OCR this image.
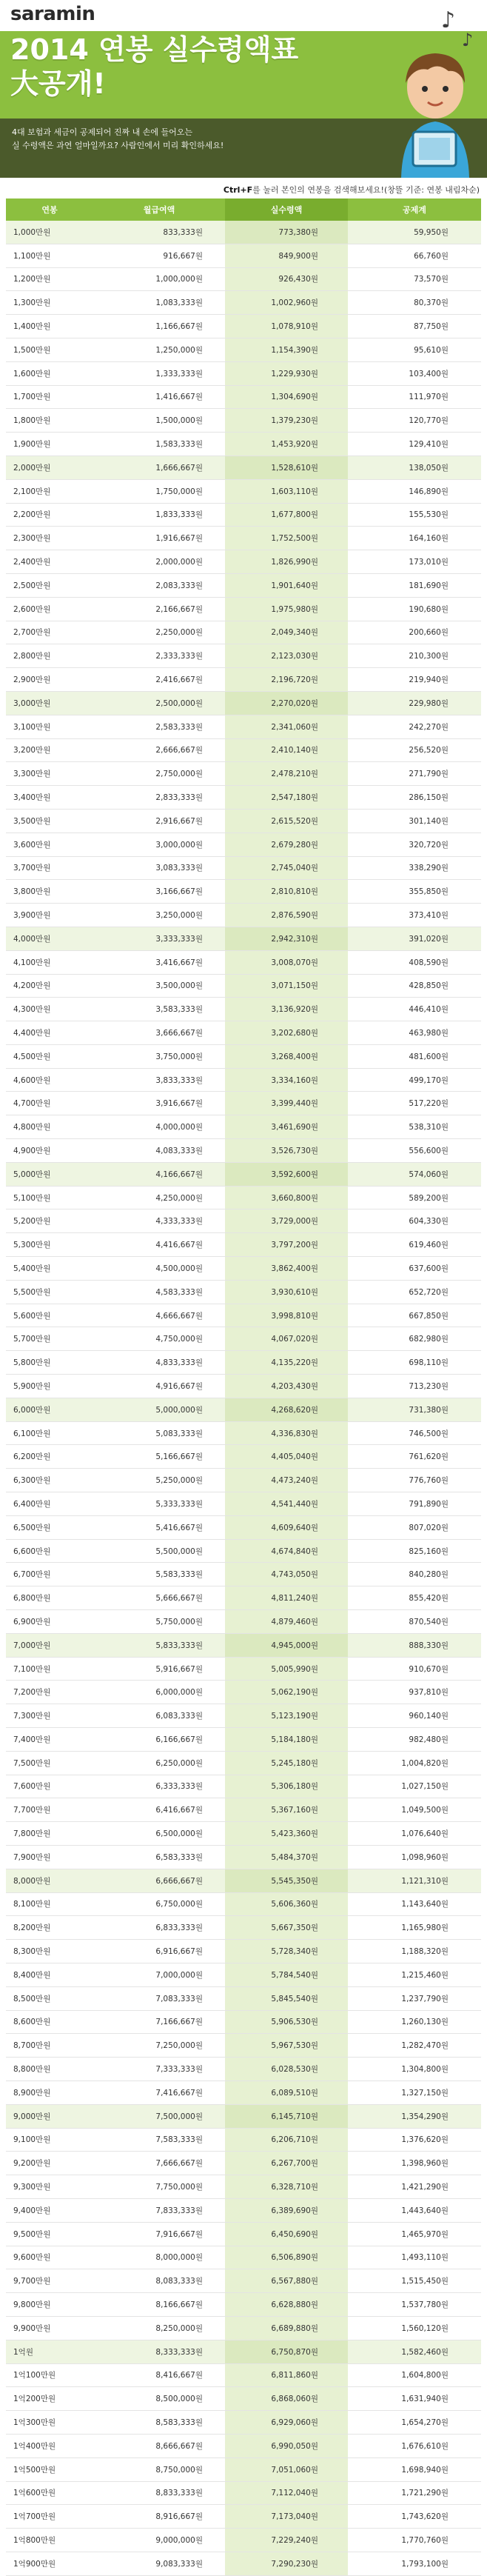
saramin	♪
♪
2014 연봉 실수령액표
大공개!
4대 보험과 세금이 공제되어 진짜 내 손에 들어오는
실 수령액은 과연 얼마일까요? 사람인에서 미리 확인하세요!
Ctrl+F를 눌러 본인의 연봉을 검색해보세요!(창뜰 기준: 연봉 내림차순)
연봉	월급여액	실수령액	공제계
1,000만원	833,333원	773,380원	59,950원
1,100만원	916,667원	849,900원	66,760원
1,200만원	1,000,000원	926,430원	73,570원
1,300만원	1,083,333원	1,002,960원	80,370원
1,400만원	1,166,667원	1,078,910원	87,750원
1,500만원	1,250,000원	1,154,390원	95,610원
1,600만원	1,333,333원	1,229,930원	103,400원
1,700만원	1,416,667원	1,304,690원	111,970원
1,800만원	1,500,000원	1,379,230원	120,770원
1,900만원	1,583,333원	1,453,920원	129,410원
2,000만원	1,666,667원	1,528,610원	138,050원
2,100만원	1,750,000원	1,603,110원	146,890원
2,200만원	1,833,333원	1,677,800원	155,530원
2,300만원	1,916,667원	1,752,500원	164,160원
2,400만원	2,000,000원	1,826,990원	173,010원
2,500만원	2,083,333원	1,901,640원	181,690원
2,600만원	2,166,667원	1,975,980원	190,680원
2,700만원	2,250,000원	2,049,340원	200,660원
2,800만원	2,333,333원	2,123,030원	210,300원
2,900만원	2,416,667원	2,196,720원	219,940원
3,000만원	2,500,000원	2,270,020원	229,980원
3,100만원	2,583,333원	2,341,060원	242,270원
3,200만원	2,666,667원	2,410,140원	256,520원
3,300만원	2,750,000원	2,478,210원	271,790원
3,400만원	2,833,333원	2,547,180원	286,150원
3,500만원	2,916,667원	2,615,520원	301,140원
3,600만원	3,000,000원	2,679,280원	320,720원
3,700만원	3,083,333원	2,745,040원	338,290원
3,800만원	3,166,667원	2,810,810원	355,850원
3,900만원	3,250,000원	2,876,590원	373,410원
4,000만원	3,333,333원	2,942,310원	391,020원
4,100만원	3,416,667원	3,008,070원	408,590원
4,200만원	3,500,000원	3,071,150원	428,850원
4,300만원	3,583,333원	3,136,920원	446,410원
4,400만원	3,666,667원	3,202,680원	463,980원
4,500만원	3,750,000원	3,268,400원	481,600원
4,600만원	3,833,333원	3,334,160원	499,170원
4,700만원	3,916,667원	3,399,440원	517,220원
4,800만원	4,000,000원	3,461,690원	538,310원
4,900만원	4,083,333원	3,526,730원	556,600원
5,000만원	4,166,667원	3,592,600원	574,060원
5,100만원	4,250,000원	3,660,800원	589,200원
5,200만원	4,333,333원	3,729,000원	604,330원
5,300만원	4,416,667원	3,797,200원	619,460원
5,400만원	4,500,000원	3,862,400원	637,600원
5,500만원	4,583,333원	3,930,610원	652,720원
5,600만원	4,666,667원	3,998,810원	667,850원
5,700만원	4,750,000원	4,067,020원	682,980원
5,800만원	4,833,333원	4,135,220원	698,110원
5,900만원	4,916,667원	4,203,430원	713,230원
6,000만원	5,000,000원	4,268,620원	731,380원
6,100만원	5,083,333원	4,336,830원	746,500원
6,200만원	5,166,667원	4,405,040원	761,620원
6,300만원	5,250,000원	4,473,240원	776,760원
6,400만원	5,333,333원	4,541,440원	791,890원
6,500만원	5,416,667원	4,609,640원	807,020원
6,600만원	5,500,000원	4,674,840원	825,160원
6,700만원	5,583,333원	4,743,050원	840,280원
6,800만원	5,666,667원	4,811,240원	855,420원
6,900만원	5,750,000원	4,879,460원	870,540원
7,000만원	5,833,333원	4,945,000원	888,330원
7,100만원	5,916,667원	5,005,990원	910,670원
7,200만원	6,000,000원	5,062,190원	937,810원
7,300만원	6,083,333원	5,123,190원	960,140원
7,400만원	6,166,667원	5,184,180원	982,480원
7,500만원	6,250,000원	5,245,180원	1,004,820원
7,600만원	6,333,333원	5,306,180원	1,027,150원
7,700만원	6,416,667원	5,367,160원	1,049,500원
7,800만원	6,500,000원	5,423,360원	1,076,640원
7,900만원	6,583,333원	5,484,370원	1,098,960원
8,000만원	6,666,667원	5,545,350원	1,121,310원
8,100만원	6,750,000원	5,606,360원	1,143,640원
8,200만원	6,833,333원	5,667,350원	1,165,980원
8,300만원	6,916,667원	5,728,340원	1,188,320원
8,400만원	7,000,000원	5,784,540원	1,215,460원
8,500만원	7,083,333원	5,845,540원	1,237,790원
8,600만원	7,166,667원	5,906,530원	1,260,130원
8,700만원	7,250,000원	5,967,530원	1,282,470원
8,800만원	7,333,333원	6,028,530원	1,304,800원
8,900만원	7,416,667원	6,089,510원	1,327,150원
9,000만원	7,500,000원	6,145,710원	1,354,290원
9,100만원	7,583,333원	6,206,710원	1,376,620원
9,200만원	7,666,667원	6,267,700원	1,398,960원
9,300만원	7,750,000원	6,328,710원	1,421,290원
9,400만원	7,833,333원	6,389,690원	1,443,640원
9,500만원	7,916,667원	6,450,690원	1,465,970원
9,600만원	8,000,000원	6,506,890원	1,493,110원
9,700만원	8,083,333원	6,567,880원	1,515,450원
9,800만원	8,166,667원	6,628,880원	1,537,780원
9,900만원	8,250,000원	6,689,880원	1,560,120원
1억원	8,333,333원	6,750,870원	1,582,460원
1억100만원	8,416,667원	6,811,860원	1,604,800원
1억200만원	8,500,000원	6,868,060원	1,631,940원
1억300만원	8,583,333원	6,929,060원	1,654,270원
1억400만원	8,666,667원	6,990,050원	1,676,610원
1억500만원	8,750,000원	7,051,060원	1,698,940원
1억600만원	8,833,333원	7,112,040원	1,721,290원
1억700만원	8,916,667원	7,173,040원	1,743,620원
1억800만원	9,000,000원	7,229,240원	1,770,760원
1억900만원	9,083,333원	7,290,230원	1,793,100원
